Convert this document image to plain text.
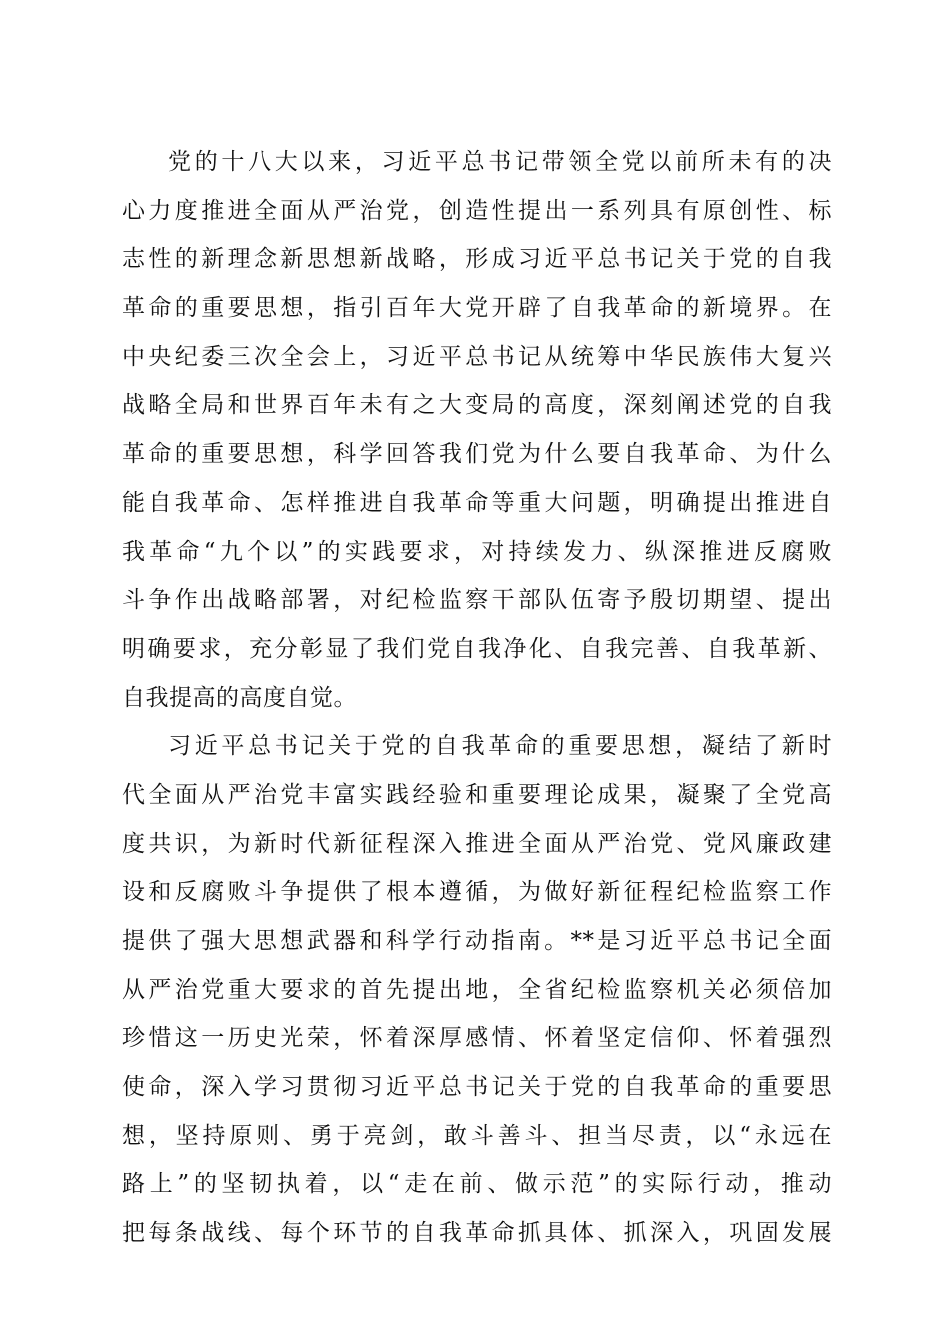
党的十八大以来，习近平总书记带领全党以前所未有的决
心力度推进全面从严治党，创造性提出一系列具有原创性、标
志性的新理念新思想新战略，形成习近平总书记关于党的自我
革命的重要思想，指引百年大党开辟了自我革命的新境界。在
中央纪委三次全会上，习近平总书记从统筹中华民族伟大复兴
战略全局和世界百年未有之大变局的高度，深刻阐述党的自我
革命的重要思想，科学回答我们党为什么要自我革命、为什么
能自我革命、怎样推进自我革命等重大问题，明确提出推进自
我革命“九个以”的实践要求，对持续发力、纵深推进反腐败
斗争作出战略部署，对纪检监察干部队伍寄予殷切期望、提出
明确要求，充分彰显了我们党自我净化、自我完善、自我革新、
自我提高的高度自觉。
习近平总书记关于党的自我革命的重要思想，凝结了新时
代全面从严治党丰富实践经验和重要理论成果，凝聚了全党高
度共识，为新时代新征程深入推进全面从严治党、党风廉政建
设和反腐败斗争提供了根本遵循，为做好新征程纪检监察工作
提供了强大思想武器和科学行动指南。**是习近平总书记全面
从严治党重大要求的首先提出地，全省纪检监察机关必须倍加
珍惜这一历史光荣，怀着深厚感情、怀着坚定信仰、怀着强烈
使命，深入学习贯彻习近平总书记关于党的自我革命的重要思
想，坚持原则、勇于亮剑，敢斗善斗、担当尽责，以“永远在
路上”的坚韧执着，以“走在前、做示范”的实际行动，推动
把每条战线、每个环节的自我革命抓具体、抓深入，巩固发展
